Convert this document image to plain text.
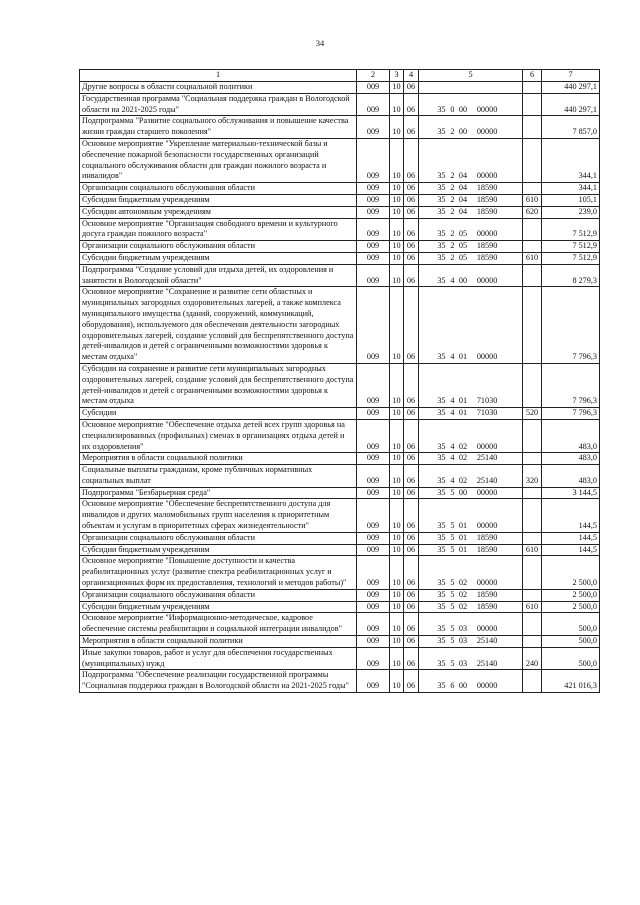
34
1	2	3	4	5	6	7
Другие вопросы в области социальной политики	009	10	06			440 297,1
Государственная программа "Социальная поддержка граждан в Вологодской области на 2021-2025 годы"	009	10	06	35 0 00 00000		440 297,1
Подпрограмма "Развитие социального обслуживания и повышение качества жизни граждан старшего поколения"	009	10	06	35 2 00 00000		7 857,0
Основное мероприятие "Укрепление материально-технической базы и обеспечение пожарной безопасности государственных организаций социального обслуживания области для граждан пожилого возраста и инвалидов"	009	10	06	35 2 04 00000		344,1
Организации социального обслуживания области	009	10	06	35 2 04 18590		344,1
Субсидии бюджетным учреждениям	009	10	06	35 2 04 18590	610	105,1
Субсидии автономным учреждениям	009	10	06	35 2 04 18590	620	239,0
Основное мероприятие "Организация свободного времени и культурного досуга граждан пожилого возраста"	009	10	06	35 2 05 00000		7 512,9
Организации социального обслуживания области	009	10	06	35 2 05 18590		7 512,9
Субсидии бюджетным учреждениям	009	10	06	35 2 05 18590	610	7 512,9
Подпрограмма "Создание условий для отдыха детей, их оздоровления и занятости в Вологодской области"	009	10	06	35 4 00 00000		8 279,3
Основное мероприятие "Сохранение и развитие сети областных и муниципальных загородных оздоровительных лагерей, а также комплекса муниципального имущества (зданий, сооружений, коммуникаций, оборудования), используемого для обеспечения деятельности загородных оздоровительных лагерей, создание условий для беспрепятственного доступа детей-инвалидов и детей с ограниченными возможностями здоровья к местам отдыха"	009	10	06	35 4 01 00000		7 796,3
Субсидии на сохранение и развитие сети муниципальных загородных оздоровительных лагерей, создание условий для беспрепятственного доступа детей-инвалидов и детей с ограниченными возможностями здоровья к местам отдыха	009	10	06	35 4 01 71030		7 796,3
Субсидии	009	10	06	35 4 01 71030	520	7 796,3
Основное мероприятие "Обеспечение отдыха детей всех групп здоровья на специализированных (профильных) сменах в организациях отдыха детей и их оздоровления"	009	10	06	35 4 02 00000		483,0
Мероприятия в области социальной политики	009	10	06	35 4 02 25140		483,0
Социальные выплаты гражданам, кроме публичных нормативных социальных выплат	009	10	06	35 4 02 25140	320	483,0
Подпрограмма "Безбарьерная среда"	009	10	06	35 5 00 00000		3 144,5
Основное мероприятие "Обеспечение беспрепятственного доступа для инвалидов и других маломобильных групп населения к приоритетным объектам и услугам в приоритетных сферах жизнедеятельности"	009	10	06	35 5 01 00000		144,5
Организации социального обслуживания области	009	10	06	35 5 01 18590		144,5
Субсидии бюджетным учреждениям	009	10	06	35 5 01 18590	610	144,5
Основное мероприятие "Повышение доступности и качества реабилитационных услуг (развитие спектра реабилитационных услуг и организационных форм их предоставления, технологий и методов работы)"	009	10	06	35 5 02 00000		2 500,0
Организации социального обслуживания области	009	10	06	35 5 02 18590		2 500,0
Субсидии бюджетным учреждениям	009	10	06	35 5 02 18590	610	2 500,0
Основное мероприятие "Информационно-методическое, кадровое обеспечение системы реабилитации и социальной интеграции инвалидов"	009	10	06	35 5 03 00000		500,0
Мероприятия в области социальной политики	009	10	06	35 5 03 25140		500,0
Иные закупки товаров, работ и услуг для обеспечения государственных (муниципальных) нужд	009	10	06	35 5 03 25140	240	500,0
Подпрограмма "Обеспечение реализации государственной программы "Социальная поддержка граждан в Вологодской области на 2021-2025 годы"	009	10	06	35 6 00 00000		421 016,3
